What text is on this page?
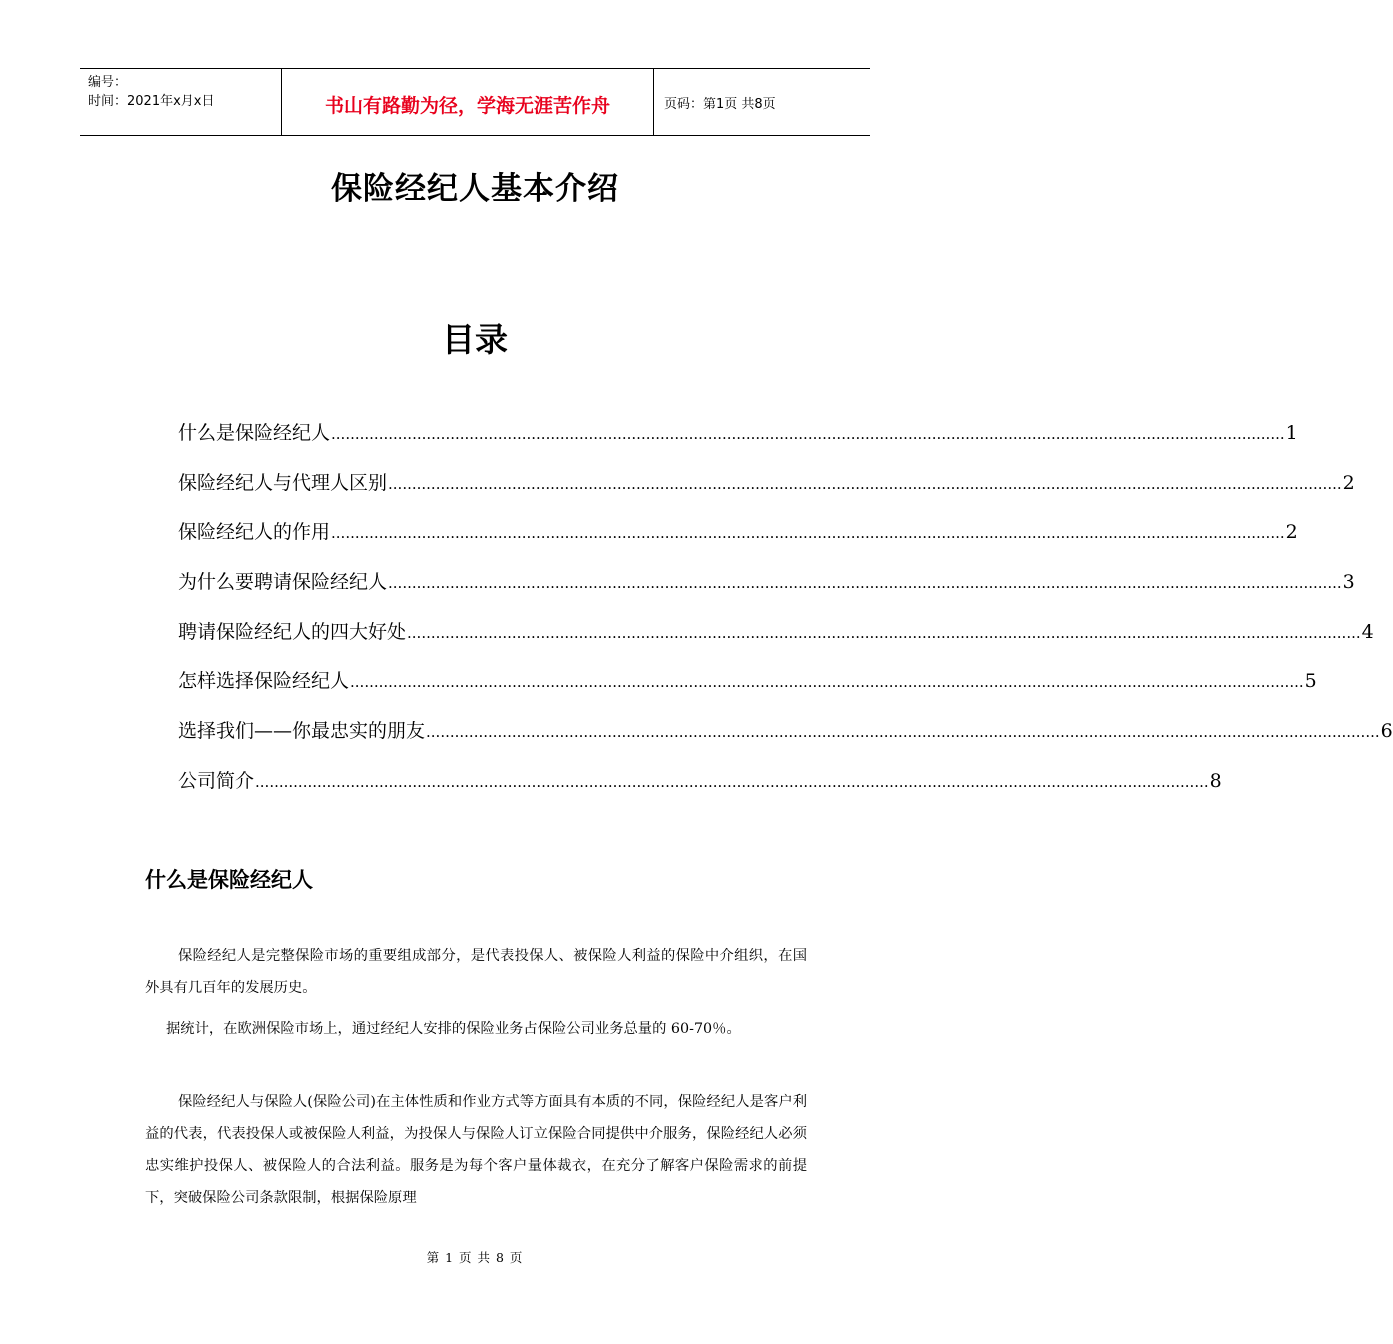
编号：
时间：2021年x月x日	书山有路勤为径，学海无涯苦作舟	页码：第1页 共8页
保险经纪人基本介绍
目录
什么是保险经纪人 ........................................................................................................................................................................................................ 1
保险经纪人与代理人区别 ........................................................................................................................................................................................................ 2
保险经纪人的作用 ........................................................................................................................................................................................................ 2
为什么要聘请保险经纪人 ........................................................................................................................................................................................................ 3
聘请保险经纪人的四大好处 ........................................................................................................................................................................................................ 4
怎样选择保险经纪人 ........................................................................................................................................................................................................ 5
选择我们——你最忠实的朋友 ........................................................................................................................................................................................................ 6
公司简介 ........................................................................................................................................................................................................ 8
什么是保险经纪人
保险经纪人是完整保险市场的重要组成部分，是代表投保人、被保险人利益的保险中介组织，在国外具有几百年的发展历史。
据统计，在欧洲保险市场上，通过经纪人安排的保险业务占保险公司业务总量的 60-70％。
保险经纪人与保险人(保险公司)在主体性质和作业方式等方面具有本质的不同，保险经纪人是客户利益的代表，代表投保人或被保险人利益，为投保人与保险人订立保险合同提供中介服务，保险经纪人必须忠实维护投保人、被保险人的合法利益。服务是为每个客户量体裁衣，在充分了解客户保险需求的前提下，突破保险公司条款限制，根据保险原理
第 1 页 共 8 页
